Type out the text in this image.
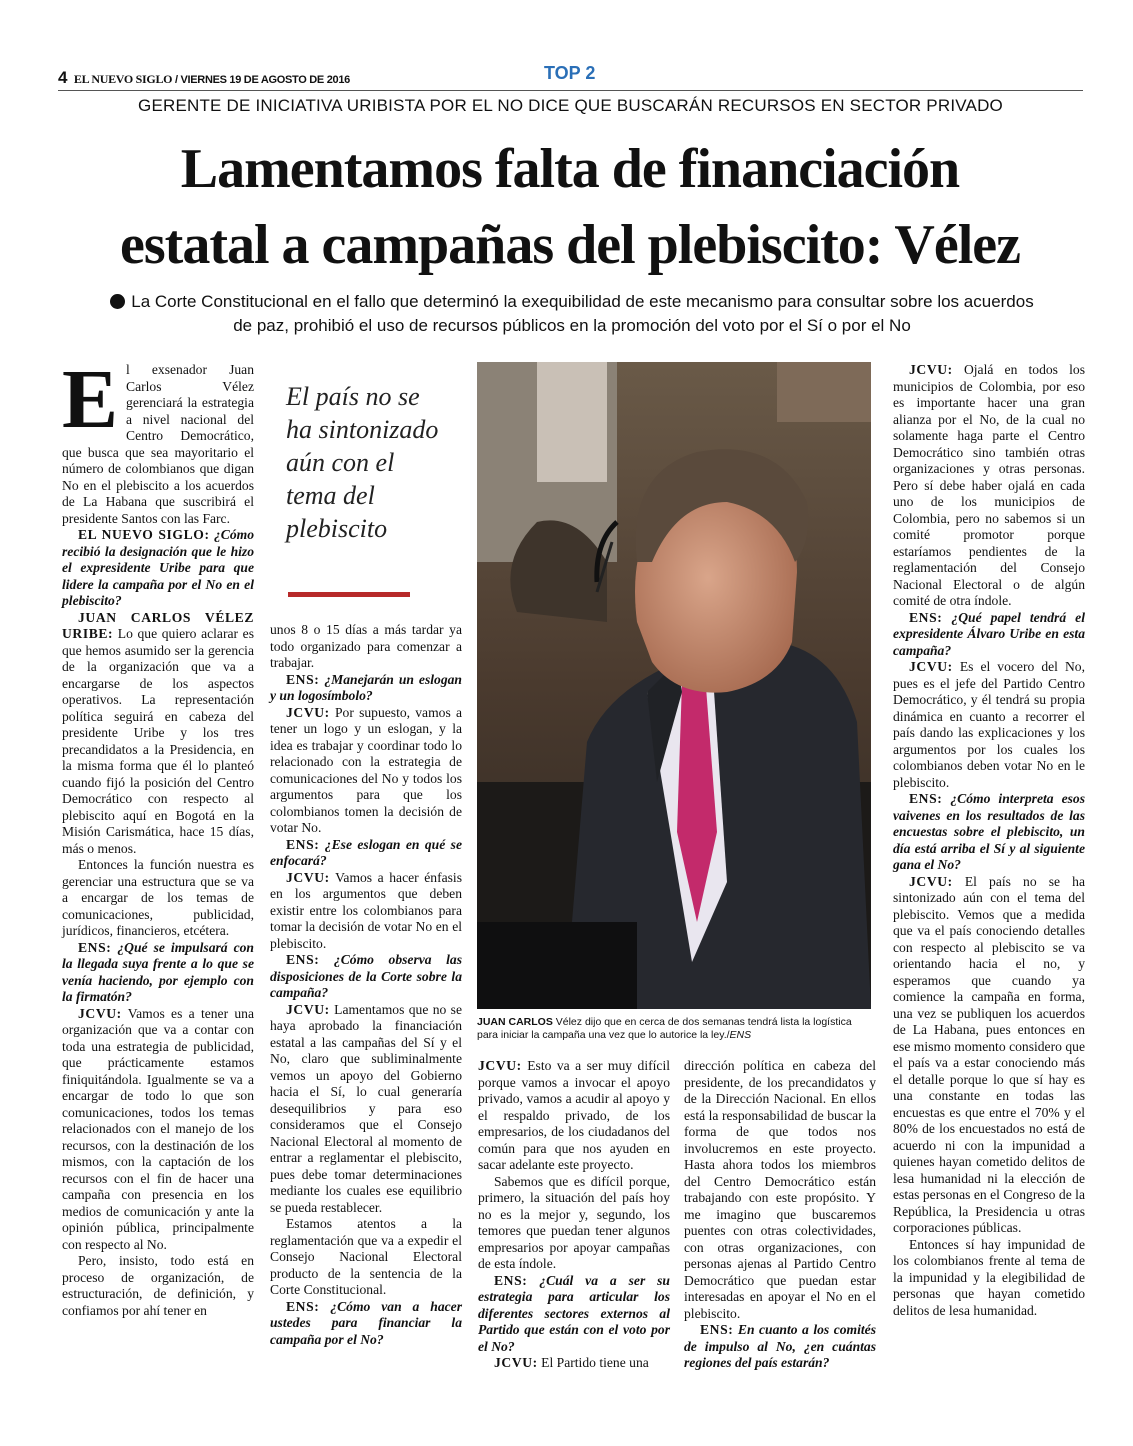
4 EL NUEVO SIGLO / VIERNES 19 DE AGOSTO DE 2016	TOP 2
GERENTE DE INICIATIVA URIBISTA POR EL NO DICE QUE BUSCARÁN RECURSOS EN SECTOR PRIVADO
Lamentamos falta de financiación
estatal a campañas del plebiscito: Vélez
La Corte Constitucional en el fallo que determinó la exequibilidad de este mecanismo para consultar sobre los acuerdos
de paz, prohibió el uso de recursos públicos en la promoción del voto por el Sí o por el No

El exsenador Juan Carlos Vélez gerenciará la estrategia a nivel nacional del Centro Democrático, que busca que sea mayoritario el número de colombianos que digan No en el plebiscito a los acuerdos de La Habana que suscribirá el presidente Santos con las Farc.

EL NUEVO SIGLO: ¿Cómo recibió la designación que le hizo el expresidente Uribe para que lidere la campaña por el No en el plebiscito?

JUAN CARLOS VÉLEZ URIBE: Lo que quiero aclarar es que hemos asumido ser la gerencia de la organización que va a encargarse de los aspectos operativos. La representación política seguirá en cabeza del presidente Uribe y los tres precandidatos a la Presidencia, en la misma forma que él lo planteó cuando fijó la posición del Centro Democrático con respecto al plebiscito aquí en Bogotá en la Misión Carismática, hace 15 días, más o menos.

Entonces la función nuestra es gerenciar una estructura que se va a encargar de los temas de comunicaciones, publicidad, jurídicos, financieros, etcétera.

ENS: ¿Qué se impulsará con la llegada suya frente a lo que se venía haciendo, por ejemplo con la firmatón?

JCVU: Vamos es a tener una organización que va a contar con toda una estrategia de publicidad, que prácticamente estamos finiquitándola. Igualmente se va a encargar de todo lo que son comunicaciones, todos los temas relacionados con el manejo de los recursos, con la destinación de los mismos, con la captación de los recursos con el fin de hacer una campaña con presencia en los medios de comunicación y ante la opinión pública, principalmente con respecto al No.

Pero, insisto, todo está en proceso de organización, de estructuración, de definición, y confiamos por ahí tener en

El país no se ha sintonizado aún con el tema del plebiscito

unos 8 o 15 días a más tardar ya todo organizado para comenzar a trabajar.

ENS: ¿Manejarán un eslogan y un logosímbolo?

JCVU: Por supuesto, vamos a tener un logo y un eslogan, y la idea es trabajar y coordinar todo lo relacionado con la estrategia de comunicaciones del No y todos los argumentos para que los colombianos tomen la decisión de votar No.

ENS: ¿Ese eslogan en qué se enfocará?

JCVU: Vamos a hacer énfasis en los argumentos que deben existir entre los colombianos para tomar la decisión de votar No en el plebiscito.

ENS: ¿Cómo observa las disposiciones de la Corte sobre la campaña?

JCVU: Lamentamos que no se haya aprobado la financiación estatal a las campañas del Sí y el No, claro que subliminalmente vemos un apoyo del Gobierno hacia el Sí, lo cual generaría desequilibrios y para eso consideramos que el Consejo Nacional Electoral al momento de entrar a reglamentar el plebiscito, pues debe tomar determinaciones mediante los cuales ese equilibrio se pueda restablecer.

Estamos atentos a la reglamentación que va a expedir el Consejo Nacional Electoral producto de la sentencia de la Corte Constitucional.

ENS: ¿Cómo van a hacer ustedes para financiar la campaña por el No?

JUAN CARLOS Vélez dijo que en cerca de dos semanas tendrá lista la logística para iniciar la campaña una vez que lo autorice la ley./ENS

JCVU: Esto va a ser muy difícil porque vamos a invocar el apoyo privado, vamos a acudir al apoyo y el respaldo privado, de los empresarios, de los ciudadanos del común para que nos ayuden en sacar adelante este proyecto.

Sabemos que es difícil porque, primero, la situación del país hoy no es la mejor y, segundo, los temores que puedan tener algunos empresarios por apoyar campañas de esta índole.

ENS: ¿Cuál va a ser su estrategia para articular los diferentes sectores externos al Partido que están con el voto por el No?

JCVU: El Partido tiene una

dirección política en cabeza del presidente, de los precandidatos y de la Dirección Nacional. En ellos está la responsabilidad de buscar la forma de que todos nos involucremos en este proyecto. Hasta ahora todos los miembros del Centro Democrático están trabajando con este propósito. Y me imagino que buscaremos puentes con otras colectividades, con otras organizaciones, con personas ajenas al Partido Centro Democrático que puedan estar interesadas en apoyar el No en el plebiscito.

ENS: En cuanto a los comités de impulso al No, ¿en cuántas regiones del país estarán?

JCVU: Ojalá en todos los municipios de Colombia, por eso es importante hacer una gran alianza por el No, de la cual no solamente haga parte el Centro Democrático sino también otras organizaciones y otras personas. Pero sí debe haber ojalá en cada uno de los municipios de Colombia, pero no sabemos si un comité promotor porque estaríamos pendientes de la reglamentación del Consejo Nacional Electoral o de algún comité de otra índole.

ENS: ¿Qué papel tendrá el expresidente Álvaro Uribe en esta campaña?

JCVU: Es el vocero del No, pues es el jefe del Partido Centro Democrático, y él tendrá su propia dinámica en cuanto a recorrer el país dando las explicaciones y los argumentos por los cuales los colombianos deben votar No en le plebiscito.

ENS: ¿Cómo interpreta esos vaivenes en los resultados de las encuestas sobre el plebiscito, un día está arriba el Sí y al siguiente gana el No?

JCVU: El país no se ha sintonizado aún con el tema del plebiscito. Vemos que a medida que va el país conociendo detalles con respecto al plebiscito se va orientando hacia el no, y esperamos que cuando ya comience la campaña en forma, una vez se publiquen los acuerdos de La Habana, pues entonces en ese mismo momento considero que el país va a estar conociendo más el detalle porque lo que sí hay es una constante en todas las encuestas es que entre el 70% y el 80% de los encuestados no está de acuerdo ni con la impunidad a quienes hayan cometido delitos de lesa humanidad ni la elección de estas personas en el Congreso de la República, la Presidencia u otras corporaciones públicas.

Entonces sí hay impunidad de los colombianos frente al tema de la impunidad y la elegibilidad de personas que hayan cometido delitos de lesa humanidad.
